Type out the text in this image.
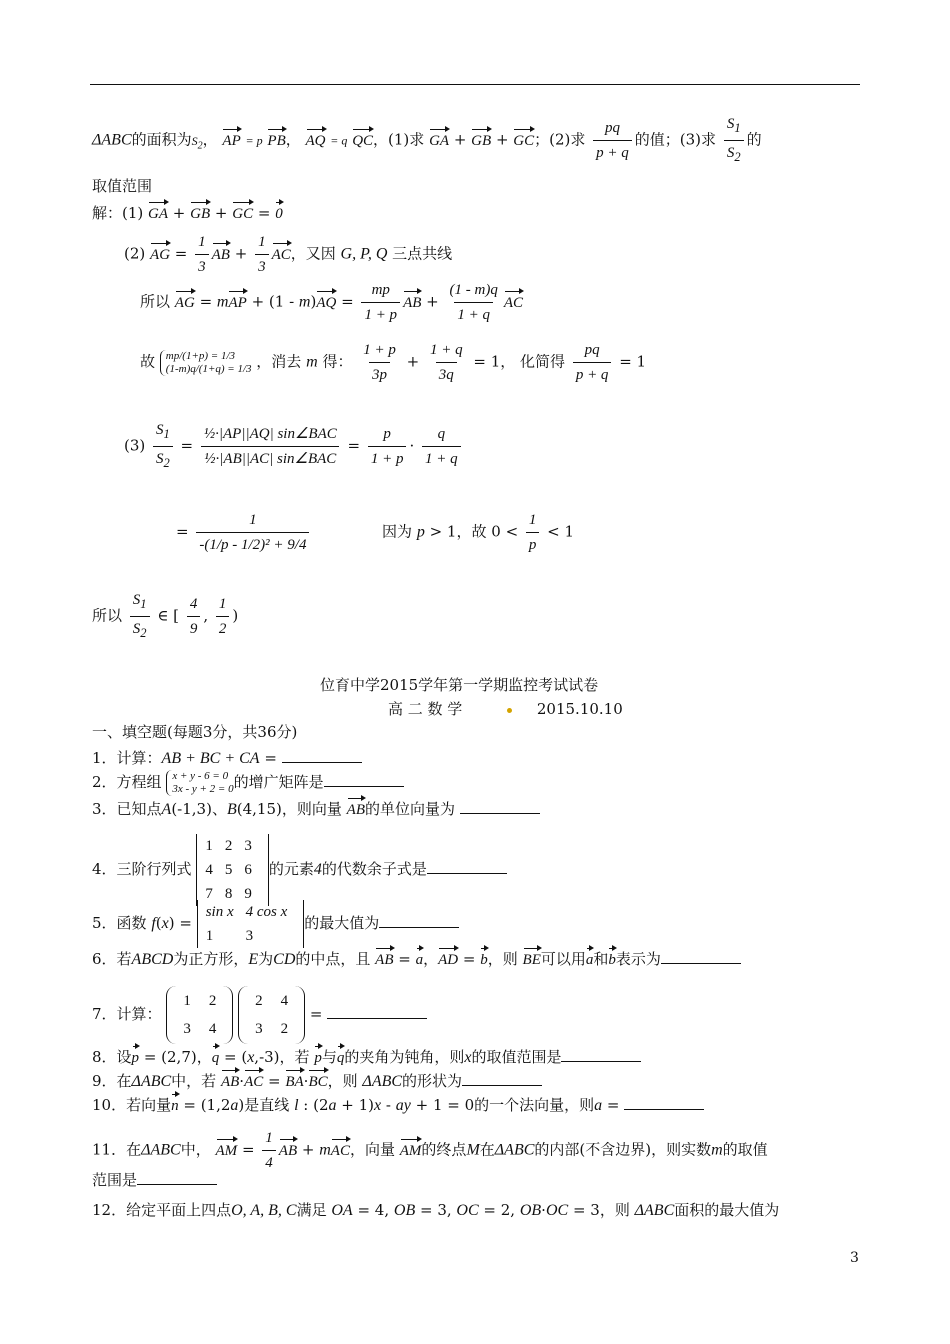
ΔABC的面积为$S_2$， AP = p PB， AQ = q QC，(1)求 GA + GB + GC；(2)求 $\frac{pq}{p + q}$ 的值；(3)求 $\frac{S_1}{S_2}$ 的
取值范围
解：(1) GA + GB + GC = 0
(2) AG = $\frac{1}{3}$ AB + $\frac{1}{3}$ AC，又因 G, P, Q 三点共线
所以 AG = mAP + $(1 - m)AQ = \frac{mp}{1 + p}$ AB + $\frac{(1 - m)q}{1 + q}$ AC
故 mp/(1+p) = 1/3
(1-m)q/(1+q) = 1/3 ，消去 m 得： $\frac{1 + p}{3p} + \frac{1 + q}{3q} = 1$， 化简得 $\frac{pq}{p + q} = 1$
$(3) \frac{S_1}{S_2} = \frac{\text{½·|AP||AQ| sin∠BAC}}{\text{½·|AB||AC| sin∠BAC}} = \frac{p}{1 + p} \cdot \frac{q}{1 + q}$
= $\frac{1}{\text{-(1/p - 1/2)² + 9/4}}$	因为 p > 1，故 $0 < \frac{1}{p} < 1$
所以 $\frac{S_1}{S_2}$ ∈ [ $\frac{4}{9}$ , $\frac{1}{2}$ )
位育中学2015学年第一学期监控考试试卷
高 二 数 学	2015.10.10
一、填空题(每题3分，共36分)
1．计算：AB + BC + CA =
2．方程组 x + y - 6 = 0
3x - y + 2 = 0的增广矩阵是
3．已知点A(-1,3)、B(4,15)，则向量 AB的单位向量为
4．三阶行列式
1	2	3
4	5	6
7	8	9
的元素4的代数余子式是
5．函数 f(x) =
sin x	4 cos x
1	3
的最大值为
6．若ABCD为正方形，E为CD的中点，且 AB = a，AD = b，则 BE可以用a和b表示为
7．计算：
1	2
3	4

2	4
3	2
=
8．设p = (2,7)，q = (x,-3)，若 p与q的夹角为钝角，则x的取值范围是
9．在ΔABC中，若 AB·AC = BA·BC，则 ΔABC的形状为
10．若向量n = (1,2a)是直线 l : (2a + 1)x - ay + 1 = 0的一个法向量，则a =
11．在ΔABC中， AM = $\frac{1}{4}$ AB + mAC，向量 AM的终点M在ΔABC的内部(不含边界)，则实数m的取值
范围是
12．给定平面上四点O, A, B, C满足 OA = 4, OB = 3, OC = 2, OB·OC = 3，则 ΔABC面积的最大值为
3
